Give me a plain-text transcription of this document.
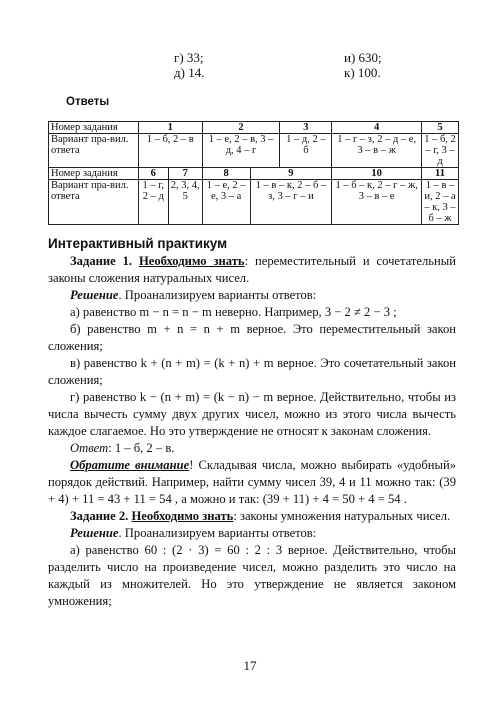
г) 33;
д) 14.
и) 630;
к) 100.
Ответы
Номер задания	1		2		3	4	5
Вариант пра-вил. ответа	1 – б, 2 – в		1 – е, 2 – в, 3 – д, 4 – г		1 – д, 2 – б	1 – г – з, 2 – д – е, 3 – в – ж	1 – б, 2 – г, 3 – д
Номер задания	6	7	8	9		10	11
Вариант пра-вил. ответа	1 – г, 2 – д	2, 3, 4, 5	1 – е, 2 – е, 3 – а	1 – в – к, 2 – б – з, 3 – г – и		1 – б – к, 2 – г – ж, 3 – в – е	1 – в – и, 2 – а – к, 3 – б – ж
Интерактивный практикум

Задание 1. Необходимо знать: переместительный и сочетательный законы сложения натуральных чисел.

Решение. Проанализируем варианты ответов:

а) равенство m − n = n − m неверно. Например, 3 − 2 ≠ 2 − 3 ;

б) равенство m + n = n + m верное. Это переместительный закон сложения;

в) равенство k + (n + m) = (k + n) + m верное. Это сочетательный закон сложения;

г) равенство k − (n + m) = (k − n) − m верное. Действительно, чтобы из числа вычесть сумму двух других чисел, можно из этого числа вычесть каждое слагаемое. Но это утверждение не относят к законам сложения.

Ответ: 1 – б, 2 – в.

Обратите внимание! Складывая числа, можно выбирать «удобный» порядок действий. Например, найти сумму чисел 39, 4 и 11 можно так: (39 + 4) + 11 = 43 + 11 = 54 , а можно и так: (39 + 11) + 4 = 50 + 4 = 54 .

Задание 2. Необходимо знать: законы умножения натуральных чисел.

Решение. Проанализируем варианты ответов:

а) равенство 60 : (2 · 3) = 60 : 2 : 3 верное. Действительно, чтобы разделить число на произведение чисел, можно разделить это число на каждый из множителей. Но это утверждение не является законом умножения;

17
